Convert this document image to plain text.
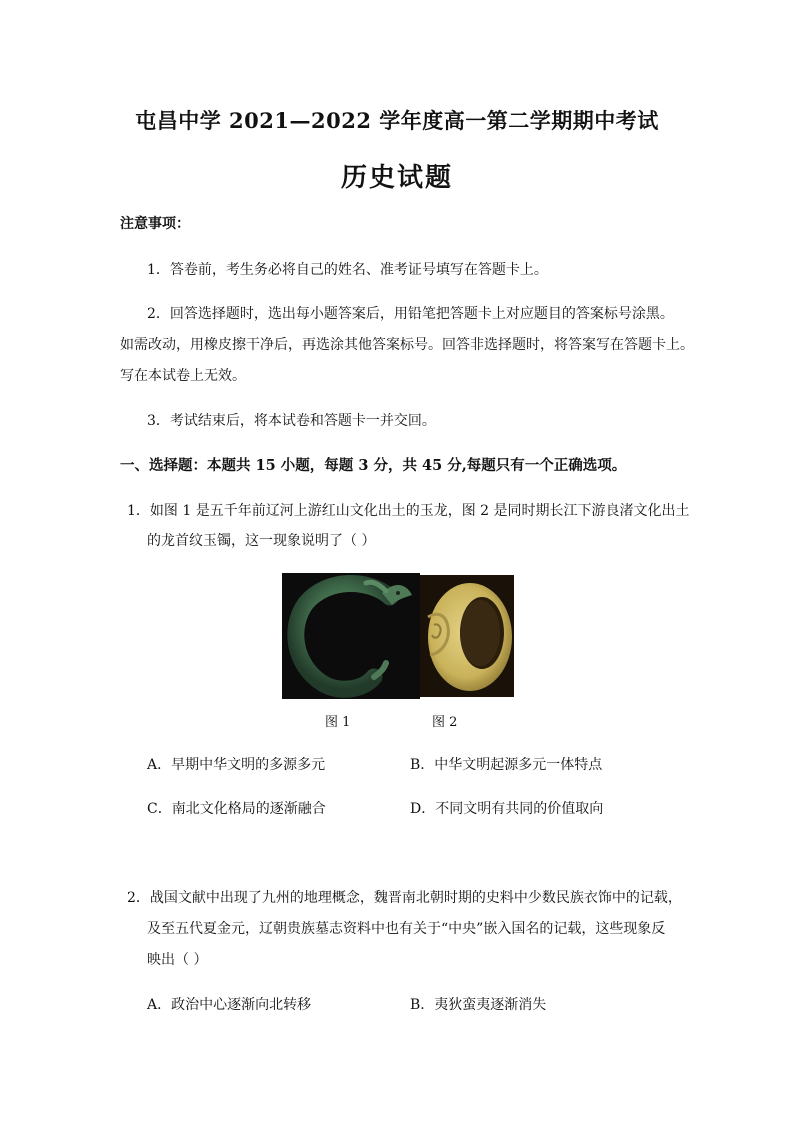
屯昌中学 2021—2022 学年度高一第二学期期中考试
历史试题
注意事项：
1．答卷前，考生务必将自己的姓名、准考证号填写在答题卡上。
2．回答选择题时，选出每小题答案后，用铅笔把答题卡上对应题目的答案标号涂黑。
如需改动，用橡皮擦干净后，再选涂其他答案标号。回答非选择题时，将答案写在答题卡上。
写在本试卷上无效。
3．考试结束后，将本试卷和答题卡一并交回。
一、选择题：本题共 15 小题，每题 3 分，共 45 分,每题只有一个正确选项。
1．如图 1 是五千年前辽河上游红山文化出土的玉龙，图 2 是同时期长江下游良渚文化出土
的龙首纹玉镯，这一现象说明了（ ）
图 1	图 2
A．早期中华文明的多源多元	B．中华文明起源多元一体特点
C．南北文化格局的逐渐融合	D．不同文明有共同的价值取向
2．战国文献中出现了九州的地理概念，魏晋南北朝时期的史料中少数民族衣饰中的记载，
及至五代夏金元，辽朝贵族墓志资料中也有关于“中央”嵌入国名的记载，这些现象反
映出（ ）
A．政治中心逐渐向北转移	B．夷狄蛮夷逐渐消失
